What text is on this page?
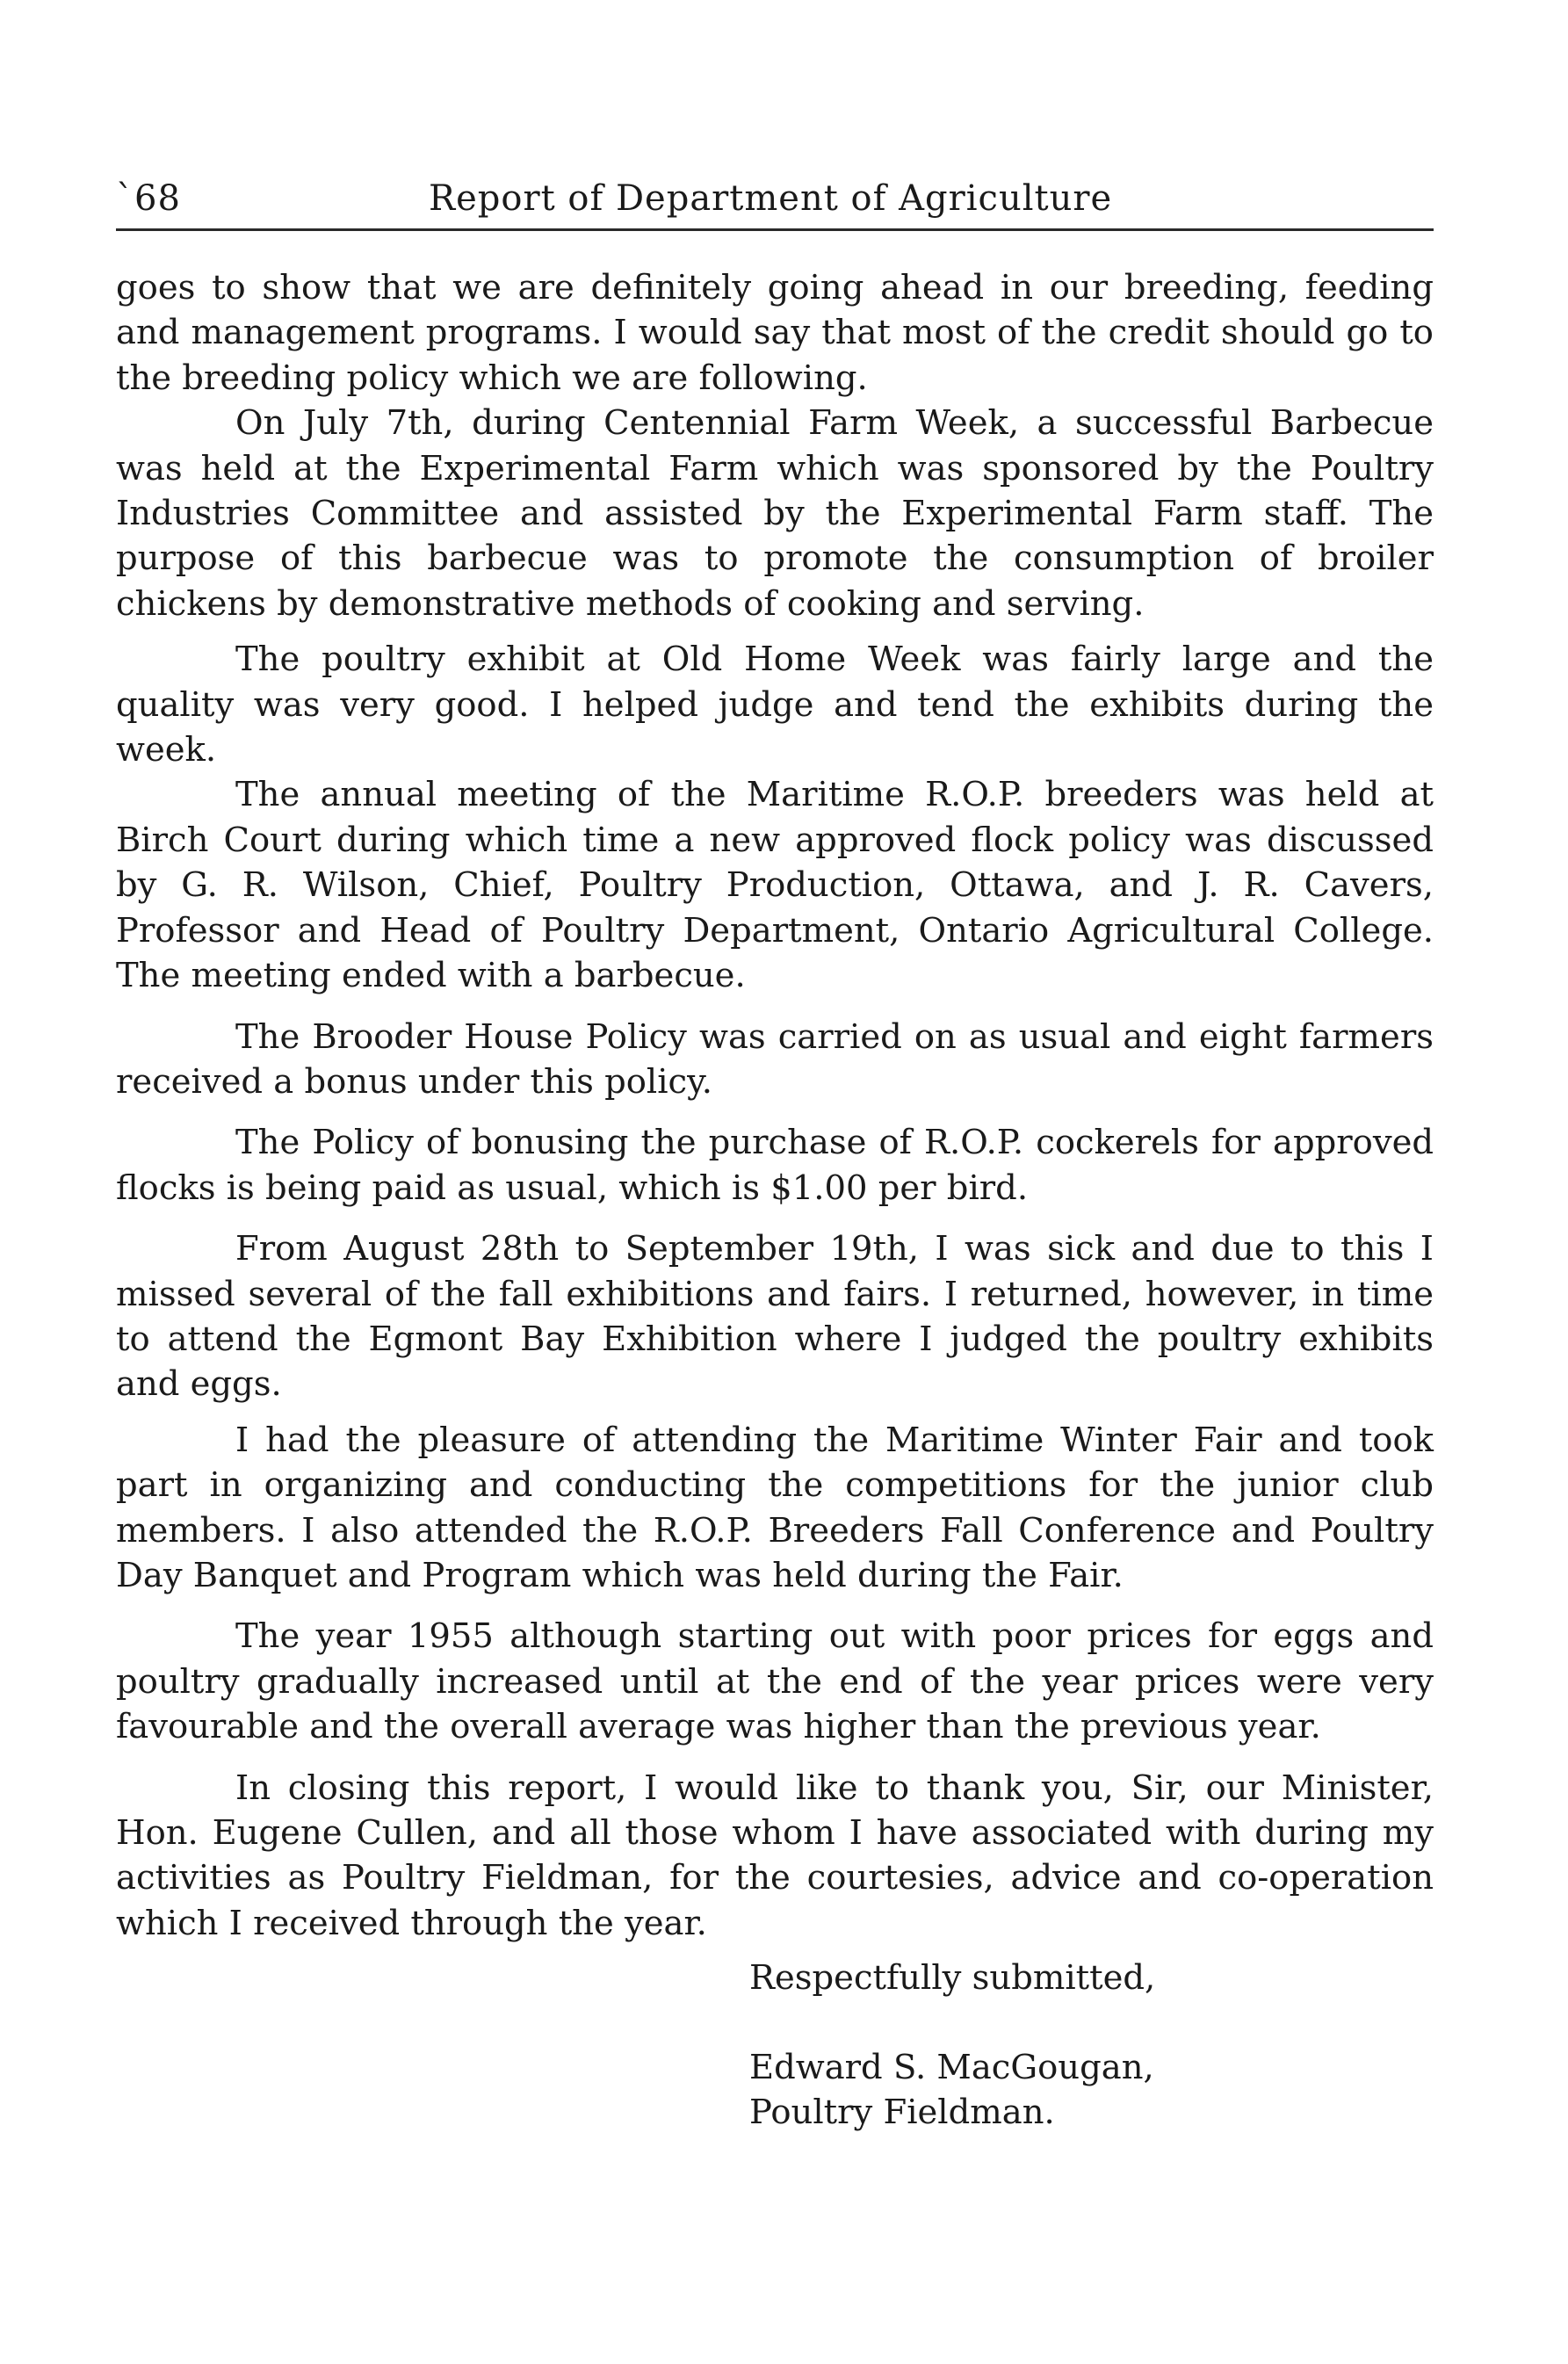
`68	Report of Department of Agriculture

goes to show that we are definitely going ahead in our breeding, feeding and management programs. I would say that most of the credit should go to the breeding policy which we are following.

On July 7th, during Centennial Farm Week, a successful Barbecue was held at the Experimental Farm which was sponsored by the Poultry Industries Committee and assisted by the Experimental Farm staff. The purpose of this barbecue was to promote the consumption of broiler chickens by demonstrative methods of cooking and serving.

The poultry exhibit at Old Home Week was fairly large and the quality was very good. I helped judge and tend the exhibits during the week.

The annual meeting of the Maritime R.O.P. breeders was held at Birch Court during which time a new approved flock policy was discussed by G. R. Wilson, Chief, Poultry Production, Ottawa, and J. R. Cavers, Professor and Head of Poultry Department, Ontario Agricultural College. The meeting ended with a barbecue.

The Brooder House Policy was carried on as usual and eight farmers received a bonus under this policy.

The Policy of bonusing the purchase of R.O.P. cockerels for approved flocks is being paid as usual, which is $1.00 per bird.

From August 28th to September 19th, I was sick and due to this I missed several of the fall exhibitions and fairs. I returned, however, in time to attend the Egmont Bay Exhibition where I judged the poultry exhibits and eggs.

I had the pleasure of attending the Maritime Winter Fair and took part in organizing and conducting the competitions for the junior club members. I also attended the R.O.P. Breeders Fall Conference and Poultry Day Banquet and Program which was held during the Fair.

The year 1955 although starting out with poor prices for eggs and poultry gradually increased until at the end of the year prices were very favourable and the overall average was higher than the previous year.

In closing this report, I would like to thank you, Sir, our Minister, Hon. Eugene Cullen, and all those whom I have associated with during my activities as Poultry Fieldman, for the courtesies, advice and co-operation which I received through the year.

Respectfully submitted,
Edward S. MacGougan,
Poultry Fieldman.
